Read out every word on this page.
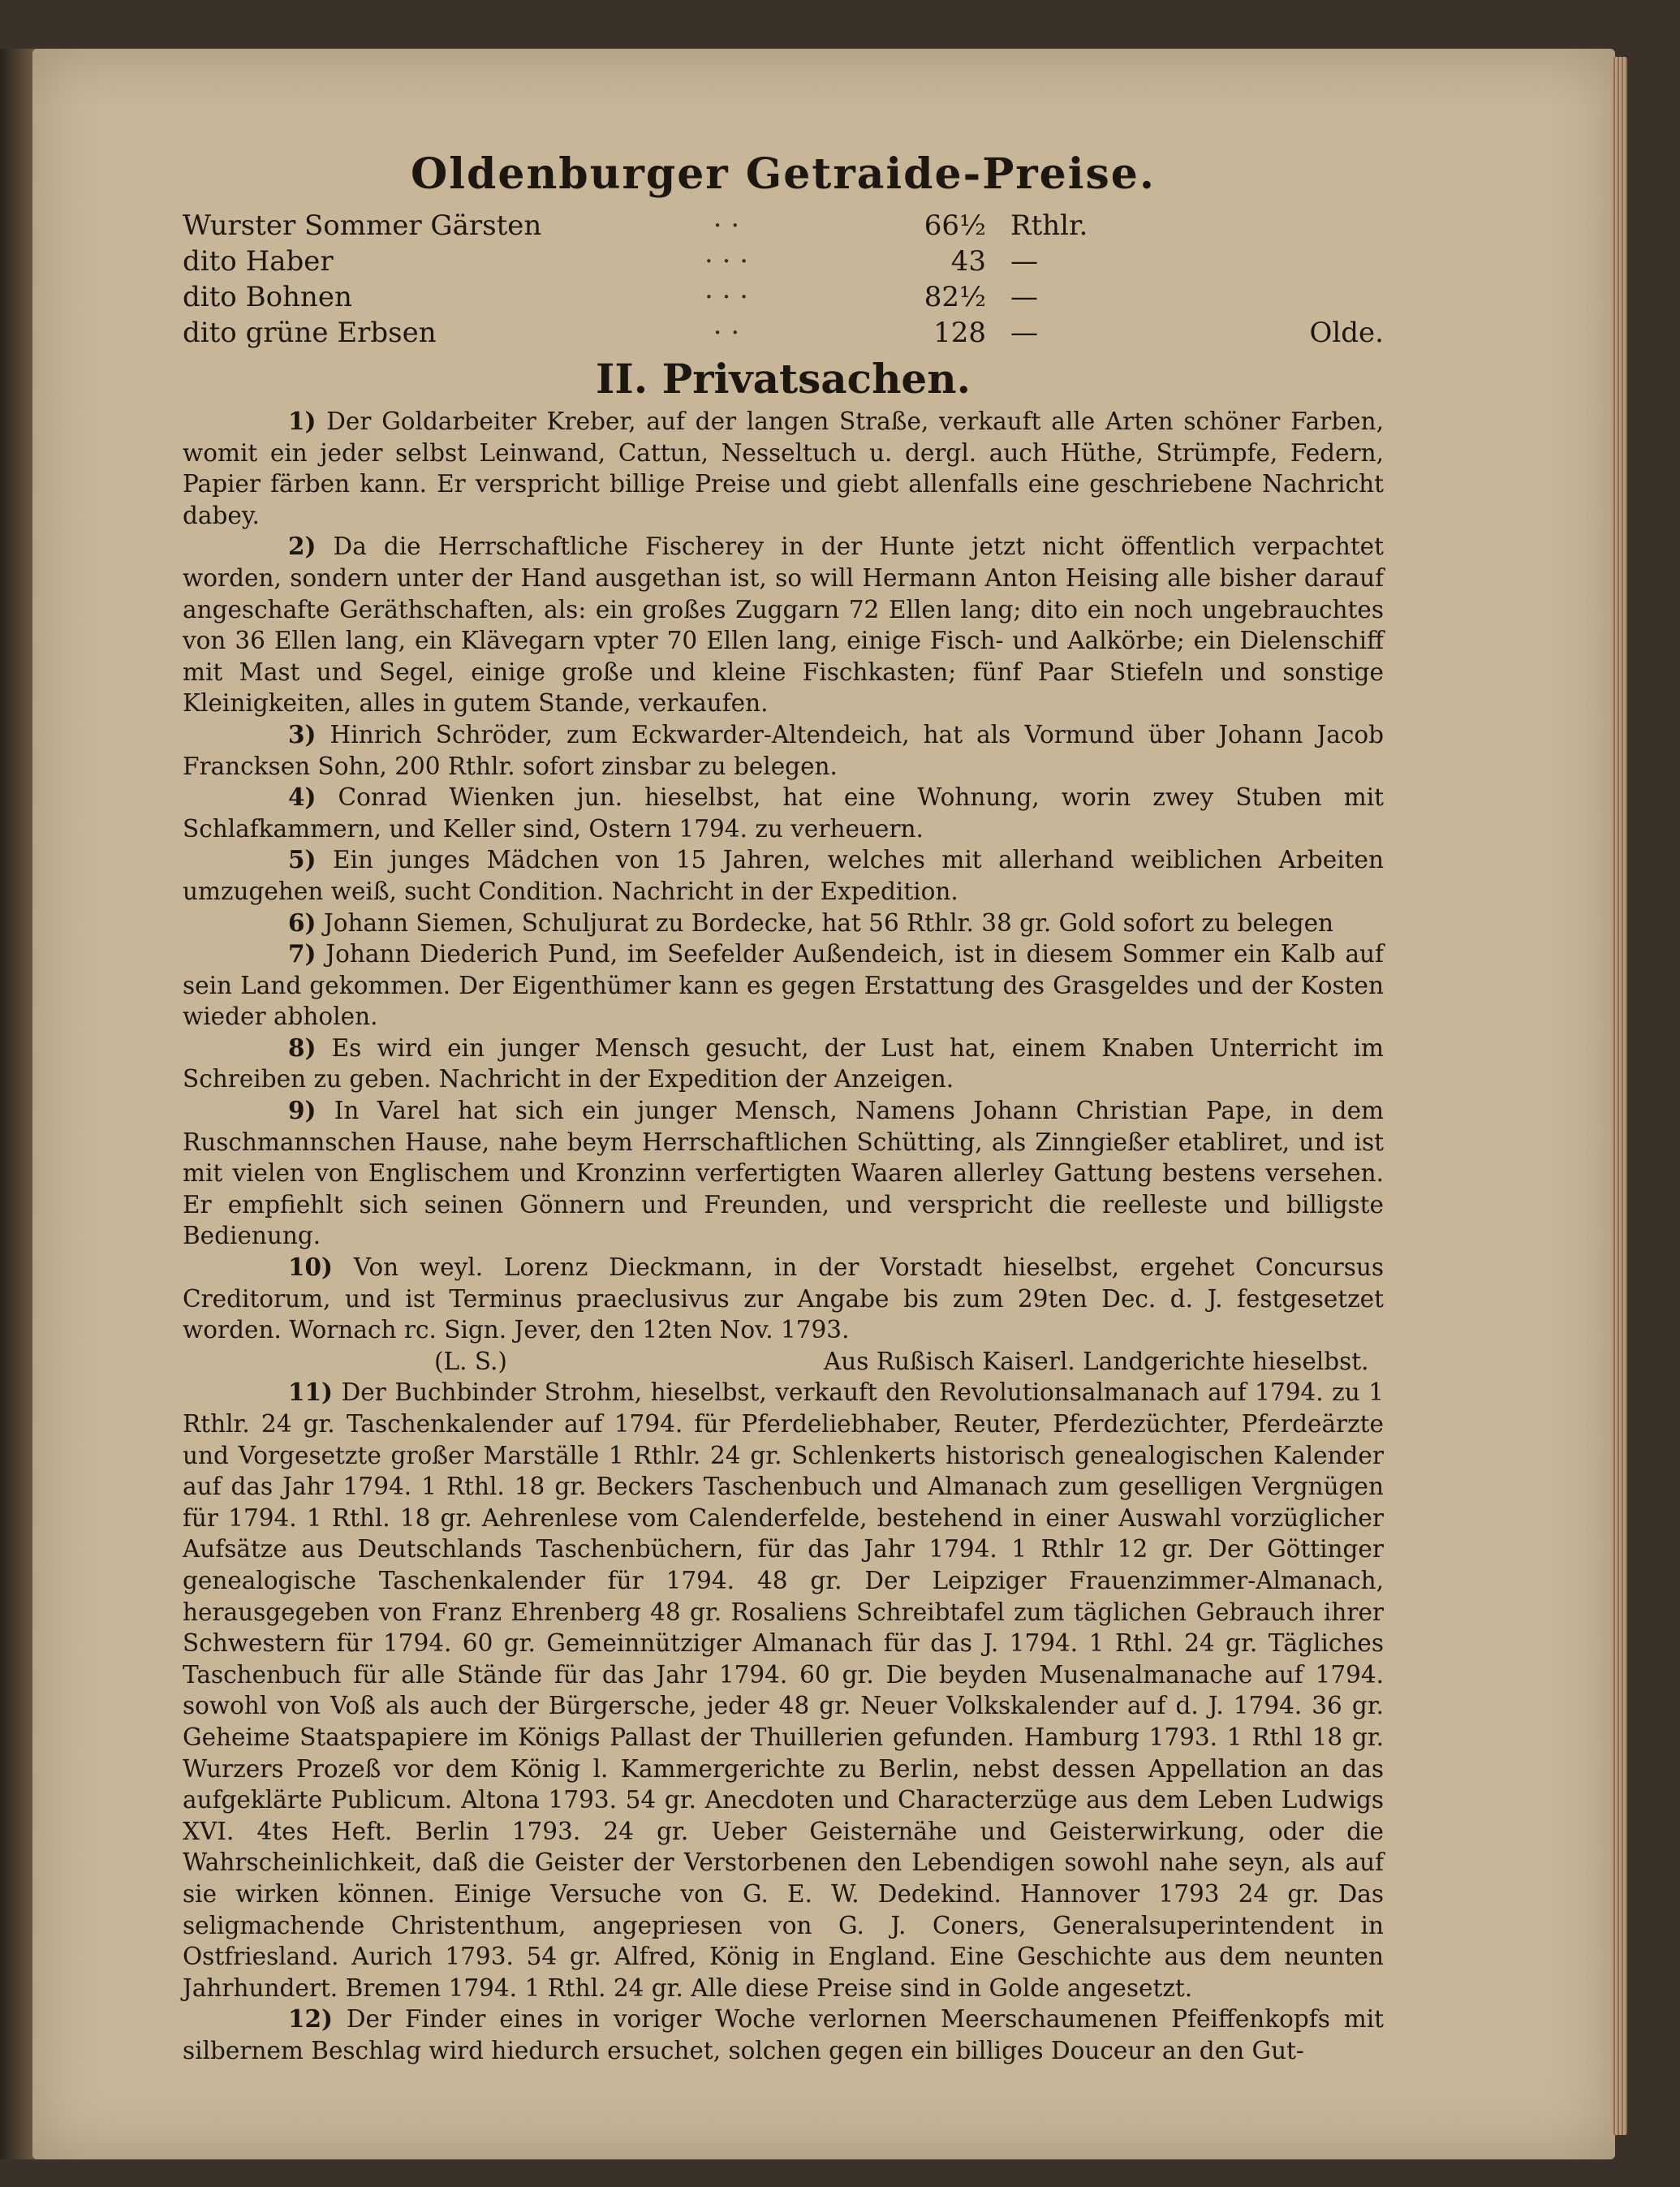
Oldenburger Getraide-Preise.
Wurster Sommer Gärsten	· ·	66½	Rthlr.	
dito Haber	· · ·	43	—	
dito Bohnen	· · ·	82½	—	
dito grüne Erbsen	· ·	128	—	Olde.
II. Privatsachen.

1) Der Goldarbeiter Kreber, auf der langen Straße, verkauft alle Arten schöner Farben, womit ein jeder selbst Leinwand, Cattun, Nesseltuch u. dergl. auch Hüthe, Strümpfe, Federn, Papier färben kann. Er verspricht billige Preise und giebt allenfalls eine geschriebene Nachricht dabey.

2) Da die Herrschaftliche Fischerey in der Hunte jetzt nicht öffentlich verpachtet worden, sondern unter der Hand ausgethan ist, so will Hermann Anton Heising alle bisher darauf angeschafte Geräthschaften, als: ein großes Zuggarn 72 Ellen lang; dito ein noch ungebrauchtes von 36 Ellen lang, ein Klävegarn vpter 70 Ellen lang, einige Fisch- und Aalkörbe; ein Dielenschiff mit Mast und Segel, einige große und kleine Fischkasten; fünf Paar Stiefeln und sonstige Kleinigkeiten, alles in gutem Stande, verkaufen.

3) Hinrich Schröder, zum Eckwarder-Altendeich, hat als Vormund über Johann Jacob Francksen Sohn, 200 Rthlr. sofort zinsbar zu belegen.

4) Conrad Wienken jun. hieselbst, hat eine Wohnung, worin zwey Stuben mit Schlafkammern, und Keller sind, Ostern 1794. zu verheuern.

5) Ein junges Mädchen von 15 Jahren, welches mit allerhand weiblichen Arbeiten umzugehen weiß, sucht Condition. Nachricht in der Expedition.

6) Johann Siemen, Schuljurat zu Bordecke, hat 56 Rthlr. 38 gr. Gold sofort zu belegen

7) Johann Diederich Pund, im Seefelder Außendeich, ist in diesem Sommer ein Kalb auf sein Land gekommen. Der Eigenthümer kann es gegen Erstattung des Grasgeldes und der Kosten wieder abholen.

8) Es wird ein junger Mensch gesucht, der Lust hat, einem Knaben Unterricht im Schreiben zu geben. Nachricht in der Expedition der Anzeigen.

9) In Varel hat sich ein junger Mensch, Namens Johann Christian Pape, in dem Ruschmannschen Hause, nahe beym Herrschaftlichen Schütting, als Zinngießer etabliret, und ist mit vielen von Englischem und Kronzinn verfertigten Waaren allerley Gattung bestens versehen. Er empfiehlt sich seinen Gönnern und Freunden, und verspricht die reelleste und billigste Bedienung.

10) Von weyl. Lorenz Dieckmann, in der Vorstadt hieselbst, ergehet Concursus Creditorum, und ist Terminus praeclusivus zur Angabe bis zum 29ten Dec. d. J. festgesetzet worden. Wornach rc. Sign. Jever, den 12ten Nov. 1793.

(L. S.)	Aus Rußisch Kaiserl. Landgerichte hieselbst.

11) Der Buchbinder Strohm, hieselbst, verkauft den Revolutionsalmanach auf 1794. zu 1 Rthlr. 24 gr. Taschenkalender auf 1794. für Pferdeliebhaber, Reuter, Pferdezüchter, Pferdeärzte und Vorgesetzte großer Marställe 1 Rthlr. 24 gr. Schlenkerts historisch genealogischen Kalender auf das Jahr 1794. 1 Rthl. 18 gr. Beckers Taschenbuch und Almanach zum geselligen Vergnügen für 1794. 1 Rthl. 18 gr. Aehrenlese vom Calenderfelde, bestehend in einer Auswahl vorzüglicher Aufsätze aus Deutschlands Taschenbüchern, für das Jahr 1794. 1 Rthlr 12 gr. Der Göttinger genealogische Taschenkalender für 1794. 48 gr. Der Leipziger Frauenzimmer-Almanach, herausgegeben von Franz Ehrenberg 48 gr. Rosaliens Schreibtafel zum täglichen Gebrauch ihrer Schwestern für 1794. 60 gr. Gemeinnütziger Almanach für das J. 1794. 1 Rthl. 24 gr. Tägliches Taschenbuch für alle Stände für das Jahr 1794. 60 gr. Die beyden Musenalmanache auf 1794. sowohl von Voß als auch der Bürgersche, jeder 48 gr. Neuer Volkskalender auf d. J. 1794. 36 gr. Geheime Staatspapiere im Königs Pallast der Thuillerien gefunden. Hamburg 1793. 1 Rthl 18 gr. Wurzers Prozeß vor dem König l. Kammergerichte zu Berlin, nebst dessen Appellation an das aufgeklärte Publicum. Altona 1793. 54 gr. Anecdoten und Characterzüge aus dem Leben Ludwigs XVI. 4tes Heft. Berlin 1793. 24 gr. Ueber Geisternähe und Geisterwirkung, oder die Wahrscheinlichkeit, daß die Geister der Verstorbenen den Lebendigen sowohl nahe seyn, als auf sie wirken können. Einige Versuche von G. E. W. Dedekind. Hannover 1793 24 gr. Das seligmachende Christenthum, angepriesen von G. J. Coners, Generalsuperintendent in Ostfriesland. Aurich 1793. 54 gr. Alfred, König in England. Eine Geschichte aus dem neunten Jahrhundert. Bremen 1794. 1 Rthl. 24 gr. Alle diese Preise sind in Golde angesetzt.

12) Der Finder eines in voriger Woche verlornen Meerschaumenen Pfeiffenkopfs mit silbernem Beschlag wird hiedurch ersuchet, solchen gegen ein billiges Douceur an den Gut-
